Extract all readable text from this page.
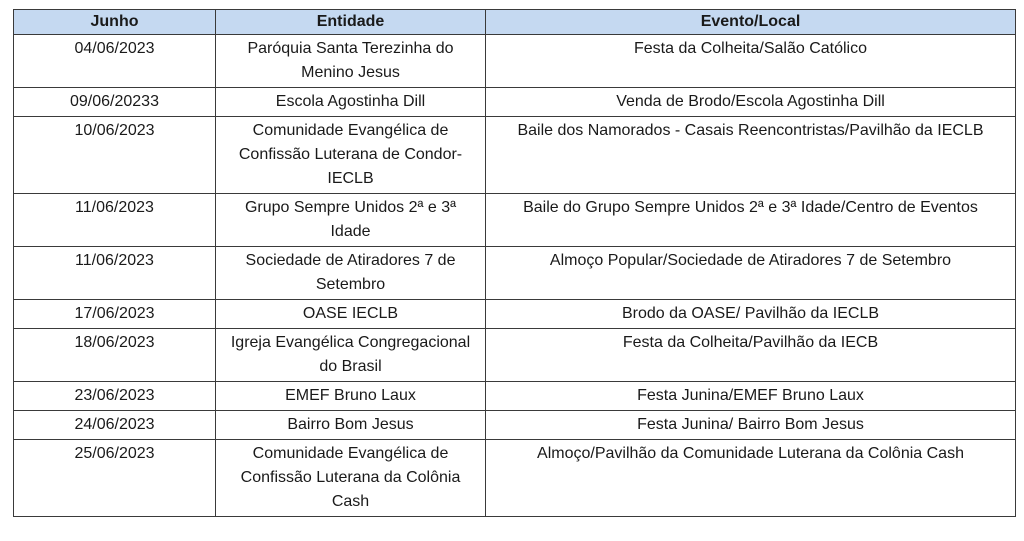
Junho	Entidade	Evento/Local
04/06/2023	Paróquia Santa Terezinha do Menino Jesus	Festa da Colheita/Salão Católico
09/06/20233	Escola Agostinha Dill	Venda de Brodo/Escola Agostinha Dill
10/06/2023	Comunidade Evangélica de Confissão Luterana de Condor-IECLB	Baile dos Namorados - Casais Reencontristas/Pavilhão da IECLB
11/06/2023	Grupo Sempre Unidos 2ª e 3ª Idade	Baile do Grupo Sempre Unidos 2ª e 3ª Idade/Centro de Eventos
11/06/2023	Sociedade de Atiradores 7 de Setembro	Almoço Popular/Sociedade de Atiradores 7 de Setembro
17/06/2023	OASE IECLB	Brodo da OASE/ Pavilhão da IECLB
18/06/2023	Igreja Evangélica Congregacional do Brasil	Festa da Colheita/Pavilhão da IECB
23/06/2023	EMEF Bruno Laux	Festa Junina/EMEF Bruno Laux
24/06/2023	Bairro Bom Jesus	Festa Junina/ Bairro Bom Jesus
25/06/2023	Comunidade Evangélica de Confissão Luterana da Colônia Cash	Almoço/Pavilhão da Comunidade Luterana da Colônia Cash
